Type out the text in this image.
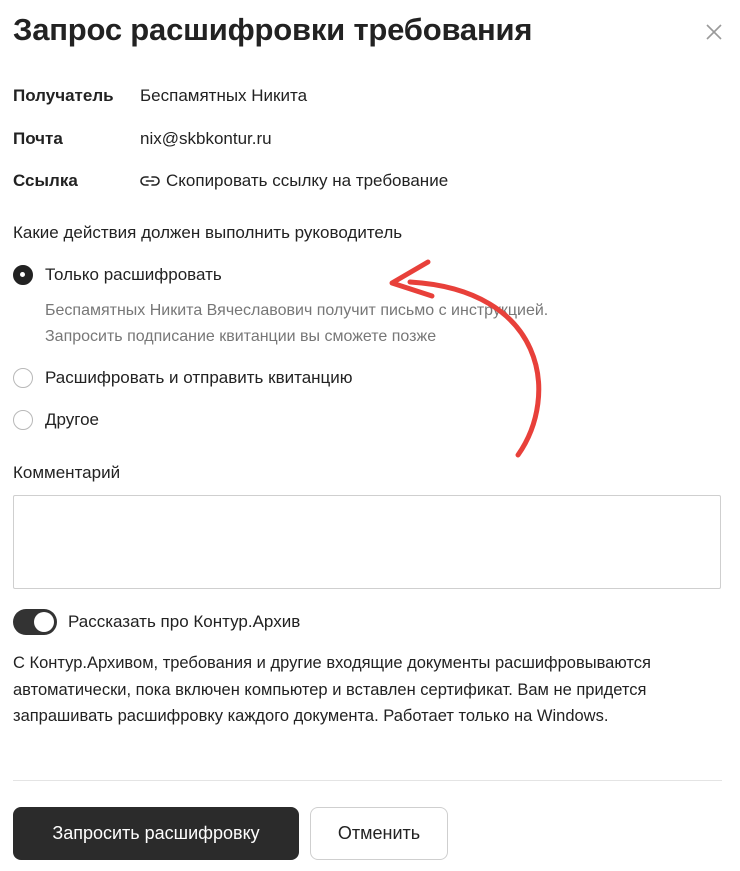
Запрос расшифровки требования
Получатель Беспамятных Никита
Почта	nix@skbkontur.ru
Ссылка	Скопировать ссылку на требование
Какие действия должен выполнить руководитель
Только расшифровать
Беспамятных Никита Вячеславович получит письмо с инструкцией.
Запросить подписание квитанции вы сможете позже
Расшифровать и отправить квитанцию
Другое
Комментарий
Рассказать про Контур.Архив
С Контур.Архивом, требования и другие входящие документы расшифровываются автоматически, пока включен компьютер и вставлен сертификат. Вам не придется запрашивать расшифровку каждого документа. Работает только на Windows.
Запросить расшифровку	Отменить
